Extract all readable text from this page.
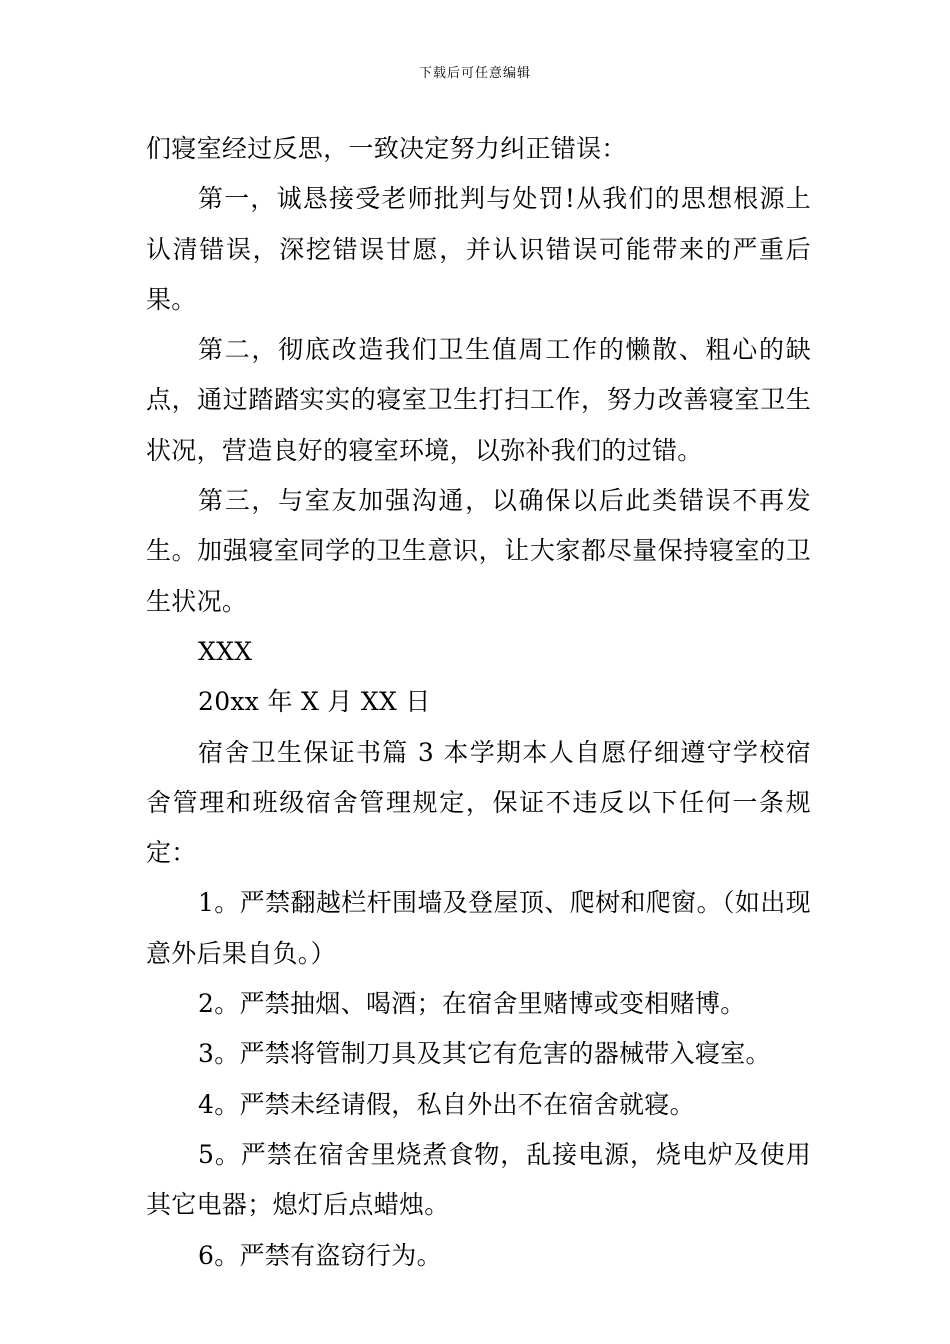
下载后可任意编辑

们寝室经过反思，一致决定努力纠正错误：

第一，诚恳接受老师批判与处罚!从我们的思想根源上认清错误，深挖错误甘愿，并认识错误可能带来的严重后果。

第二，彻底改造我们卫生值周工作的懒散、粗心的缺点，通过踏踏实实的寝室卫生打扫工作，努力改善寝室卫生状况，营造良好的寝室环境，以弥补我们的过错。

第三，与室友加强沟通，以确保以后此类错误不再发生。加强寝室同学的卫生意识，让大家都尽量保持寝室的卫生状况。

XXX

20xx 年 X 月 XX 日

宿舍卫生保证书篇 3 本学期本人自愿仔细遵守学校宿舍管理和班级宿舍管理规定，保证不违反以下任何一条规定：

1。严禁翻越栏杆围墙及登屋顶、爬树和爬窗。（如出现意外后果自负。）

2。严禁抽烟、喝酒；在宿舍里赌博或变相赌博。

3。严禁将管制刀具及其它有危害的器械带入寝室。

4。严禁未经请假，私自外出不在宿舍就寝。

5。严禁在宿舍里烧煮食物，乱接电源，烧电炉及使用其它电器；熄灯后点蜡烛。

6。严禁有盗窃行为。
